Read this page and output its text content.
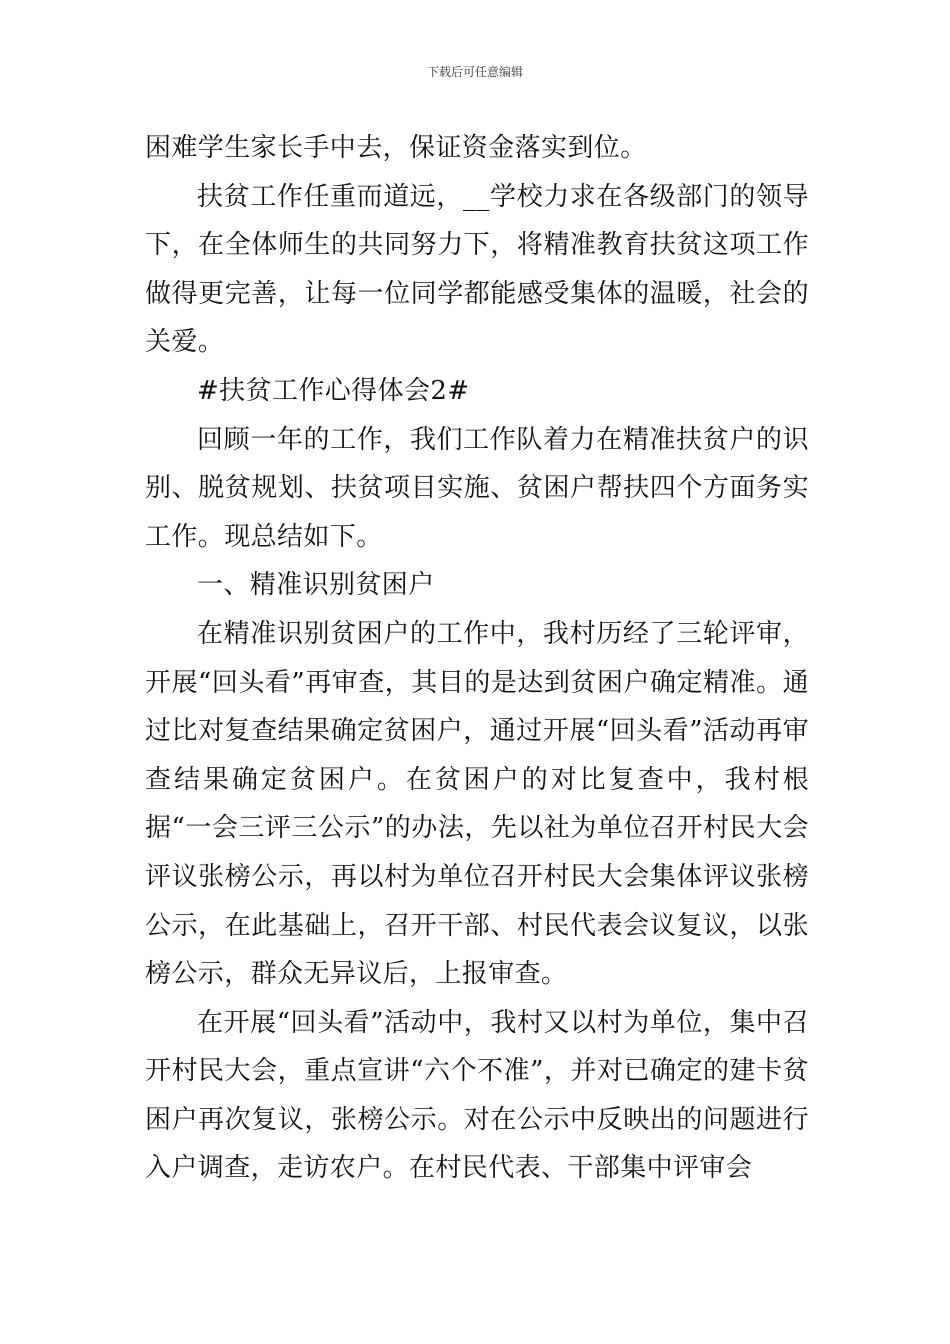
下载后可任意编辑

困难学生家长手中去，保证资金落实到位。

扶贫工作任重而道远，__学校力求在各级部门的领导下，在全体师生的共同努力下，将精准教育扶贫这项工作做得更完善，让每一位同学都能感受集体的温暖，社会的关爱。

#扶贫工作心得体会2#

回顾一年的工作，我们工作队着力在精准扶贫户的识别、脱贫规划、扶贫项目实施、贫困户帮扶四个方面务实工作。现总结如下。

一、精准识别贫困户

在精准识别贫困户的工作中，我村历经了三轮评审，开展“回头看”再审查，其目的是达到贫困户确定精准。通过比对复查结果确定贫困户，通过开展“回头看”活动再审查结果确定贫困户。在贫困户的对比复查中，我村根据“一会三评三公示”的办法，先以社为单位召开村民大会评议张榜公示，再以村为单位召开村民大会集体评议张榜公示，在此基础上，召开干部、村民代表会议复议，以张榜公示，群众无异议后，上报审查。

在开展“回头看”活动中，我村又以村为单位，集中召开村民大会，重点宣讲“六个不准”，并对已确定的建卡贫困户再次复议，张榜公示。对在公示中反映出的问题进行入户调查，走访农户。在村民代表、干部集中评审会
